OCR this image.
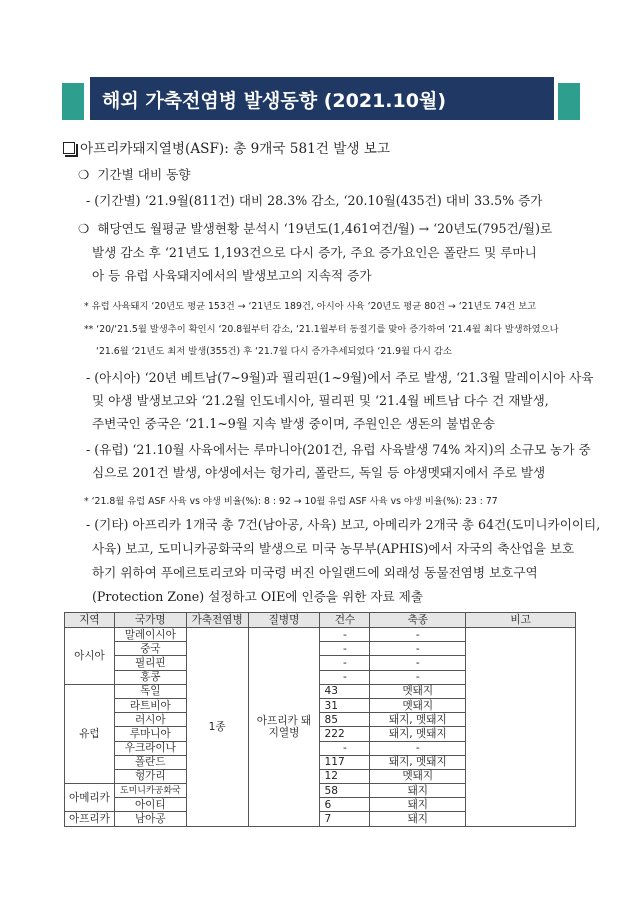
해외 가축전염병 발생동향 (2021.10월)
아프리카돼지열병(ASF): 총 9개국 581건 발생 보고
❍ 기간별 대비 동향
- (기간별) ‘21.9월(811건) 대비 28.3% 감소, ‘20.10월(435건) 대비 33.5% 증가
❍ 해당연도 월평균 발생현황 분석시 ‘19년도(1,461여건/월) → ‘20년도(795건/월)로
발생 감소 후 ‘21년도 1,193건으로 다시 증가, 주요 증가요인은 폴란드 및 루마니
아 등 유럽 사육돼지에서의 발생보고의 지속적 증가
* 유럽 사육돼지 ‘20년도 평균 153건 → ‘21년도 189건, 아시아 사육 ‘20년도 평균 80건 → ‘21년도 74건 보고
** ‘20/‘21.5월 발생추이 확인시 ‘20.8월부터 감소, ‘21.1월부터 동절기를 맞아 증가하여 ‘21.4월 최다 발생하였으나
‘21.6월 ‘21년도 최저 발생(355건) 후 ‘21.7월 다시 증가추세되었다 ‘21.9월 다시 감소
- (아시아) ‘20년 베트남(7~9월)과 필리핀(1~9월)에서 주로 발생, ‘21.3월 말레이시아 사육
및 야생 발생보고와 ‘21.2월 인도네시아, 필리핀 및 ‘21.4월 베트남 다수 건 재발생,
주변국인 중국은 ‘21.1~9월 지속 발생 중이며, 주원인은 생돈의 불법운송
- (유럽) ‘21.10월 사육에서는 루마니아(201건, 유럽 사육발생 74% 차지)의 소규모 농가 중
심으로 201건 발생, 야생에서는 헝가리, 폴란드, 독일 등 야생멧돼지에서 주로 발생
* ‘21.8월 유럽 ASF 사육 vs 야생 비율(%): 8 : 92 → 10월 유럽 ASF 사육 vs 야생 비율(%): 23 : 77
- (기타) 아프리카 1개국 총 7건(남아공, 사육) 보고, 아메리카 2개국 총 64건(도미니카이이티,
사육) 보고, 도미니카공화국의 발생으로 미국 농무부(APHIS)에서 자국의 축산업을 보호
하기 위하여 푸에르토리코와 미국령 버진 아일랜드에 외래성 동물전염병 보호구역
(Protection Zone) 설정하고 OIE에 인증을 위한 자료 제출
지역	국가명	가축전염병	질병명	건수	축종	비고
아시아	말레이시아	1종	아프리카 돼지열병	-	-	
	중국			-	-	
	필리핀			-	-	
	홍콩			-	-	
유럽	독일			43	멧돼지	
	라트비아			31	멧돼지	
	러시아			85	돼지, 멧돼지	
	루마니아			222	돼지, 멧돼지	
	우크라이나			-	-	
	폴란드			117	돼지, 멧돼지	
	헝가리			12	멧돼지	
아메리카	도미니카공화국			58	돼지	
	아이티			6	돼지	
아프리카	남아공			7	돼지	
